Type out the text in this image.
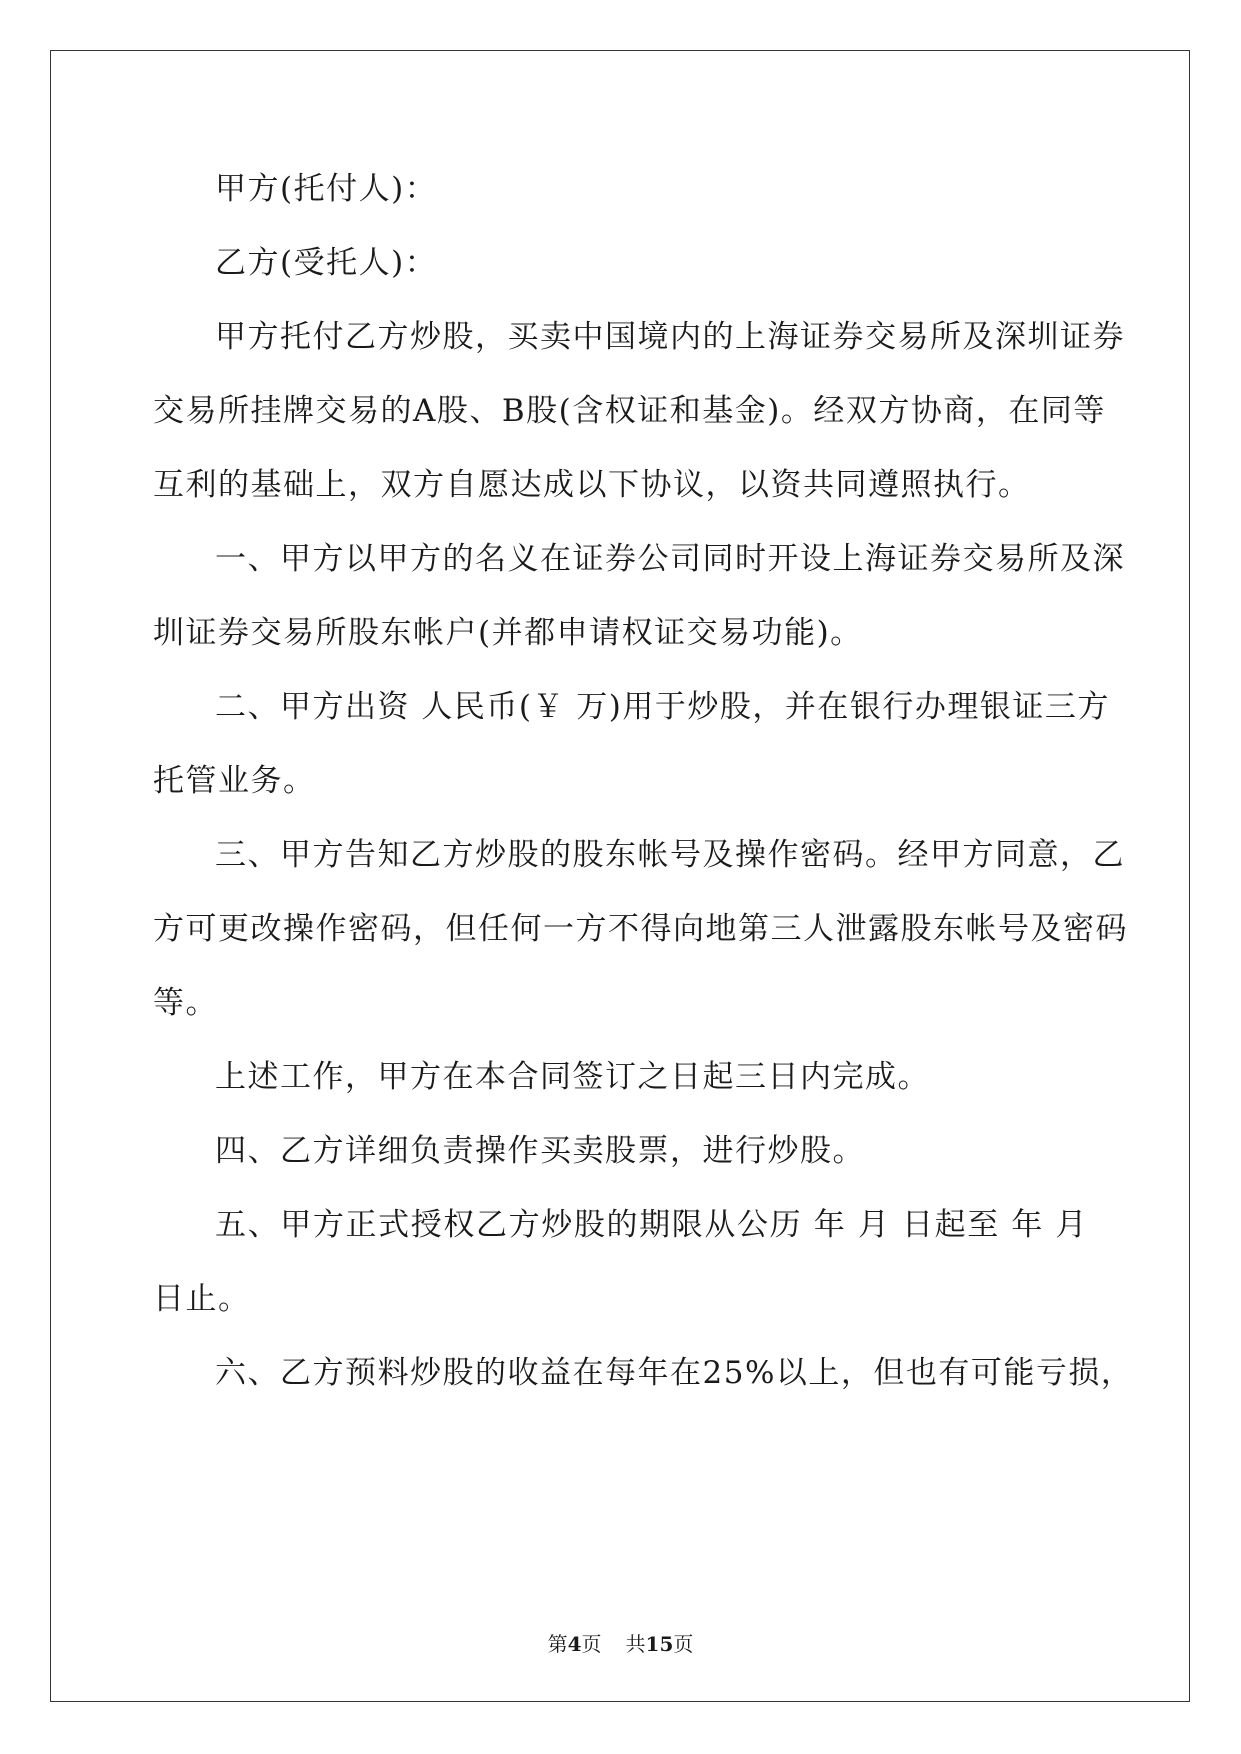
甲方(托付人)：
乙方(受托人)：
甲方托付乙方炒股，买卖中国境内的上海证券交易所及深圳证券
交易所挂牌交易的A股、B股(含权证和基金)。经双方协商，在同等
互利的基础上，双方自愿达成以下协议，以资共同遵照执行。
一、甲方以甲方的名义在证券公司同时开设上海证券交易所及深
圳证券交易所股东帐户(并都申请权证交易功能)。
二、甲方出资 人民币(￥ 万)用于炒股，并在银行办理银证三方
托管业务。
三、甲方告知乙方炒股的股东帐号及操作密码。经甲方同意，乙
方可更改操作密码，但任何一方不得向地第三人泄露股东帐号及密码
等。
上述工作，甲方在本合同签订之日起三日内完成。
四、乙方详细负责操作买卖股票，进行炒股。
五、甲方正式授权乙方炒股的期限从公历 年 月 日起至 年 月
日止。
六、乙方预料炒股的收益在每年在25%以上，但也有可能亏损，
第4页 共15页
